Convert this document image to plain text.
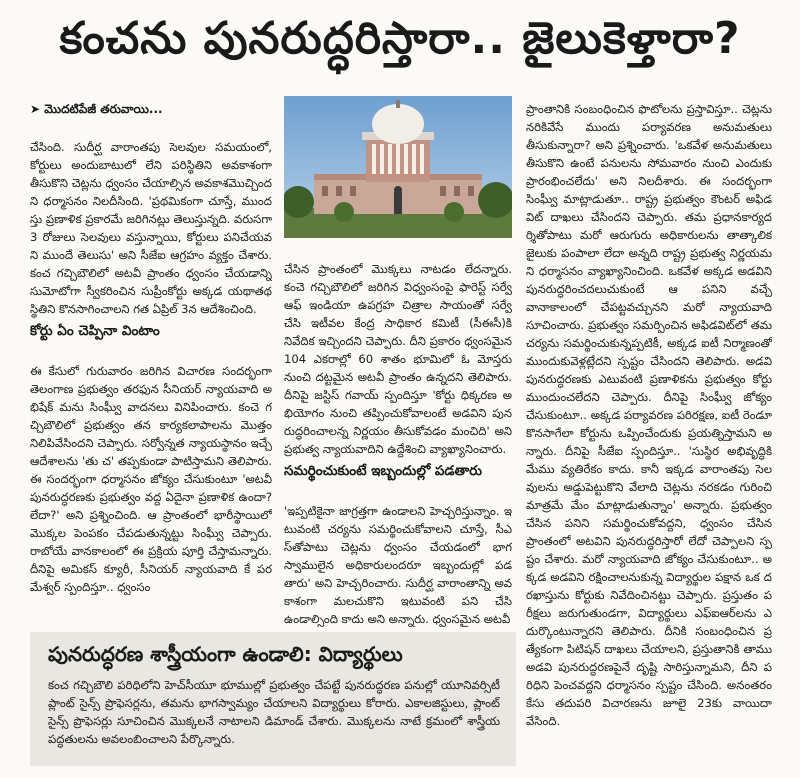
కంచను పునరుద్ధరిస్తారా.. జైలుకెళ్తారా?

➤ మొదటిపేజీ తరువాయి...

చేసింది. సుదీర్ఘ వారాంతపు సెలవుల సమయంలో, కోర్టులు అందుబాటులో లేని పరిస్థితిని అవకాశంగా తీసుకొని చెట్లను ధ్వంసం చేయాల్సిన అవకాశమొచ్చిందని ధర్మాసనం నిలదీసింది. 'ప్రథమికంగా చూస్తే, ముందస్తు ప్రణాళిక ప్రకారమే జరిగినట్లు తెలుస్తున్నది. వరుసగా 3 రోజులు సెలవులు వస్తున్నాయి, కోర్టులు పనిచేయవని ముందే తెలుసు' అని సీజేఐ ఆగ్రహం వ్యక్తం చేశారు. కంచ గచ్చిబౌలిలో అటవీ ప్రాంతం ధ్వంసం చేయడాన్ని సుమోటోగా స్వీకరించిన సుప్రీంకోర్టు అక్కడ యథాతథ స్థితిని కొనసాగించాలని గత ఏప్రిల్ 3న ఆదేశించింది.

కోర్టు ఏం చెప్పినా వింటాం

ఈ కేసులో గురువారం జరిగిన విచారణ సందర్భంగా తెలంగాణ ప్రభుత్వం తరఫున సీనియర్ న్యాయవాది అభిషేక్ మను సింఘ్వీ వాదనలు వినిపించారు. కంచె గచ్చిబౌలిలో ప్రభుత్వం తన కార్యకలాపాలను మొత్తం నిలిపివేసిందని చెప్పారు. సర్వోన్నత న్యాయస్థానం ఇచ్చే ఆదేశాలను 'తు చ' తప్పకుండా పాటిస్తామని తెలిపారు. ఈ సందర్భంగా ధర్మాసనం జోక్యం చేసుకుంటూ 'అటవీ పునరుద్ధరణకు ప్రభుత్వం వద్ద ఏదైనా ప్రణాళిక ఉందా? లేదా?' అని ప్రశ్నించింది. ఆ ప్రాంతంలో భారీస్థాయిలో మొక్కల పెంపకం చేపడుతున్నట్టు సింఘ్వీ చెప్పారు. రాబోయే వానకాలంలో ఈ ప్రక్రియ పూర్తి చేస్తామన్నారు. దీనిపై అమికస్ క్యూరీ, సీనియర్ న్యాయవాది కే పరమేశ్వర్ స్పందిస్తూ.. ధ్వంసం

చేసిన ప్రాంతంలో మొక్కలు నాటడం లేదన్నారు. కంచె గచ్చిబౌలిలో జరిగిన విధ్వంసంపై ఫారెస్ట్ సర్వే ఆఫ్ ఇండియా ఉపగ్రహ చిత్రాల సాయంతో సర్వే చేసి ఇటీవల కేంద్ర సాధికార కమిటీ (సీఈసీ)కి నివేదిక ఇచ్చిందని చెప్పారు. దీని ప్రకారం ధ్వంసమైన 104 ఎకరాల్లో 60 శాతం భూమిలో ఓ మోస్తరు నుంచి దట్టమైన అటవీ ప్రాంతం ఉన్నదని తెలిపారు. దీనిపై జస్టిస్ గవాయ్ స్పందిస్తూ 'కోర్టు ధిక్కరణ అభియోగం నుంచి తప్పించుకోవాలంటే అడవిని పునరుద్ధరించాలన్న నిర్ణయం తీసుకోవడం మంచిది' అని ప్రభుత్వ న్యాయవాదిని ఉద్దేశించి వ్యాఖ్యానించారు.

సమర్థించుకుంటే ఇబ్బందుల్లో పడతారు

'ఇప్పటికైనా జాగ్రత్తగా ఉండాలని హెచ్చరిస్తున్నాం. ఇటువంటి చర్యను సమర్థించుకోవాలని చూస్తే, సీఎస్‌తోపాటు చెట్లను ధ్వంసం చేయడంలో భాగస్వాములైన అధికారులందరూ ఇబ్బందుల్లో పడతారు' అని హెచ్చరించారు. సుదీర్ఘ వారాంతాన్ని అవకాశంగా మలచుకొని ఇటువంటి పని చేసి ఉండాల్సింది కాదు అని అన్నారు. ధ్వంసమైన అటవీ

ప్రాంతానికి సంబంధించిన ఫొటోలను ప్రస్తావిస్తూ.. చెట్లను నరికివేసే ముందు పర్యావరణ అనుమతులు తీసుకున్నారా? అని ప్రశ్నించారు. 'ఒకవేళ అనుమతులు తీసుకొని ఉంటే పనులను సోమవారం నుంచి ఎందుకు ప్రారంభించలేదు' అని నిలదీశారు. ఈ సందర్భంగా సింఘ్వీ మాట్లాడుతూ.. రాష్ట్ర ప్రభుత్వం కౌంటర్ అఫిడవిట్ దాఖలు చేసిందని చెప్పారు. తమ ప్రధానకార్యదర్శితోపాటు మరో ఆరుగురు అధికారులను తాత్కాలిక జైలుకు పంపాలా లేదా అన్నది రాష్ట్ర ప్రభుత్వ నిర్ణయమని ధర్మాసనం వ్యాఖ్యానించింది. ఒకవేళ అక్కడ అడవిని పునరుద్ధరించదలుచుకుంటే ఆ పనిని వచ్చే వానాకాలంలో చేపట్టవచ్చునని మరో న్యాయవాది సూచించారు. ప్రభుత్వం సమర్పించిన అఫిడవిట్‌లో తమ చర్యను సమర్థించుకున్నప్పటికీ, అక్కడ ఐటీ నిర్మాణంతో ముందుకువెళ్లట్లేదని స్పష్టం చేసిందని తెలిపారు. అడవి పునరుద్ధరణకు ఎటువంటి ప్రణాళికను ప్రభుత్వం కోర్టు ముందుంచలేదని చెప్పారు. దీనిపై సింఘ్వీ జోక్యం చేసుకుంటూ.. అక్కడ పర్యావరణ పరిరక్షణ, ఐటీ రెండూ కొనసాగేలా కోర్టును ఒప్పించేందుకు ప్రయత్నిస్తామని అన్నారు. దీనిపై సీజేఐ స్పందిస్తూ.. 'సుస్థిర అభివృద్ధికి మేము వ్యతిరేకం కాదు. కానీ ఇక్కడ వారాంతపు సెలవులను అడ్డుపెట్టుకొని వేలాది చెట్లను నరకడం గురించి మాత్రమే మేం మాట్లాడుతున్నాం' అన్నారు. ప్రభుత్వం చేసిన పనిని సమర్థించుకోవద్దని, ధ్వంసం చేసిన ప్రాంతంలో అటవిని పునరుద్ధరిస్తారో లేదో చెప్పాలని స్పష్టం చేశారు. మరో న్యాయవాది జోక్యం చేసుకుంటూ.. అక్కడ అడవిని రక్షించాలనుకున్న విద్యార్థుల పక్షాన ఒక దరఖాస్తును కోర్టుకు నివేదించినట్టు చెప్పారు. ప్రస్తుతం పరీక్షలు జరుగుతుండగా, విద్యార్థులు ఎఫ్‌ఐఆర్‌లను ఎదుర్కొంటున్నారని తెలిపారు. దీనికి సంబంధించిన ప్రత్యేకంగా పిటిషన్ దాఖలు చేయాలని, ప్రస్తుతానికి తాము అడవి పునరుద్ధరణపైనే దృష్టి సారిస్తున్నామని, దీని పరిధిని పెంచవద్దని ధర్మాసనం స్పష్టం చేసింది. అనంతరం కేసు తదుపరి విచారణను జూలై 23కు వాయిదా వేసింది.

పునరుద్ధరణ శాస్త్రీయంగా ఉండాలి: విద్యార్థులు
కంచ గచ్చిబౌలి పరిధిలోని హెచ్‌సీయూ భూముల్లో ప్రభుత్వం చేపట్టే పునరుద్ధరణ పనుల్లో యూనివర్సిటీ ప్లాంట్ సైన్స్ ప్రొఫెసర్లను, తమను భాగస్వామ్యం చేయాలని విద్యార్థులు కోరారు. ఎకాలజిస్టులు, ప్లాంట్ సైన్స్ ప్రొఫెసర్లు సూచించిన మొక్కలనే నాటాలని డిమాండ్ చేశారు. మొక్కలను నాటే క్రమంలో శాస్త్రీయ పద్ధతులను అవలంబించాలని పేర్కొన్నారు.
